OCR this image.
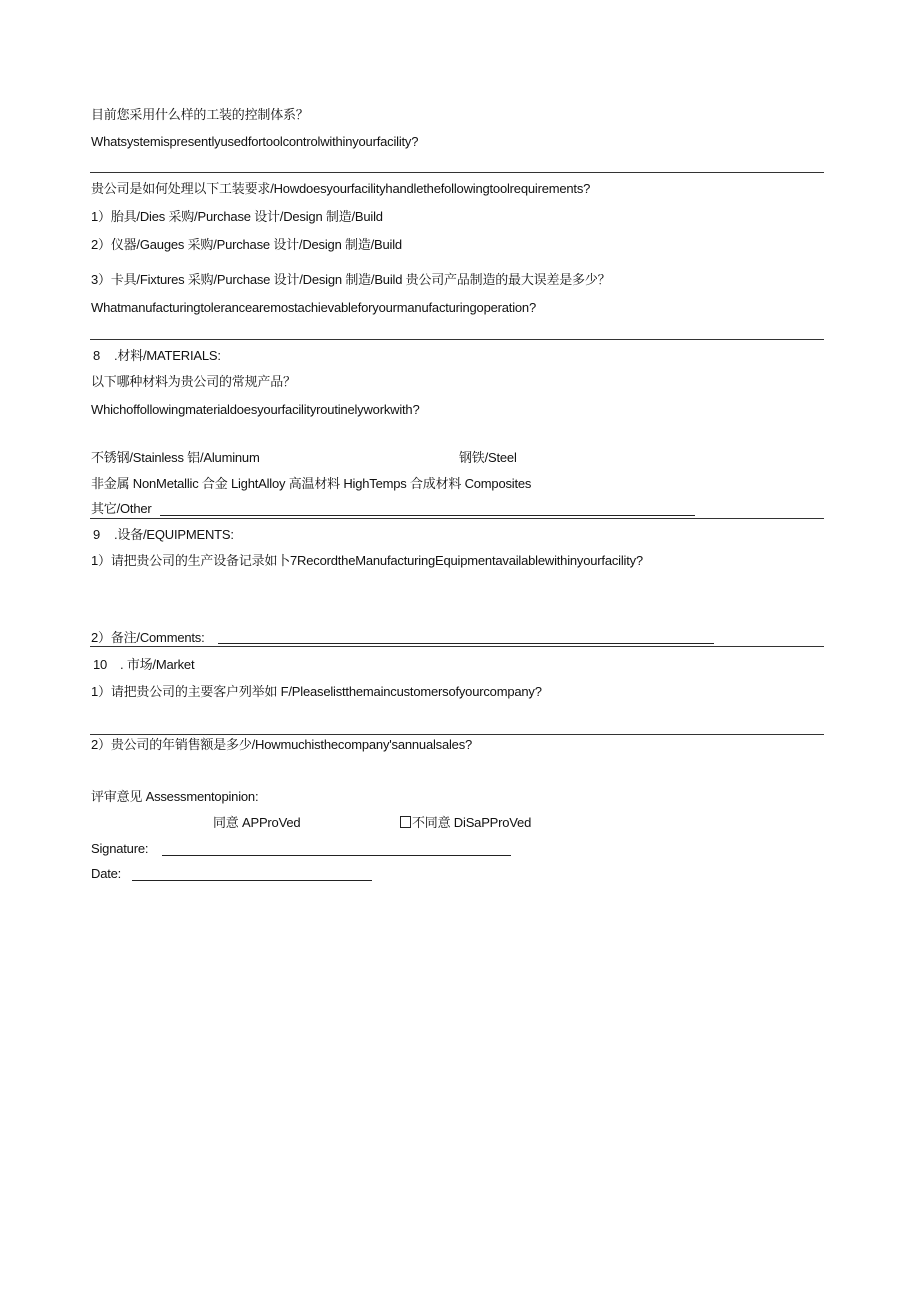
目前您采用什么样的工装的控制体系？
Whatsystemispresentlyusedfortoolcontrolwithinyourfacility?
贵公司是如何处理以下工装要求/Howdoesyourfacilityhandlethefollowingtoolrequirements?
1）胎具/Dies 采购/Purchase 设计/Design 制造/Build
2）仪器/Gauges 采购/Purchase 设计/Design 制造/Build
3）卡具/Fixtures 采购/Purchase 设计/Design 制造/Build 贵公司产品制造的最大误差是多少？
Whatmanufacturingtolerancearemostachievableforyourmanufacturingoperation?
8 .材料/MATERIALS:
以下哪种材料为贵公司的常规产品？
Whichoffollowingmaterialdoesyourfacilityroutinelyworkwith?
不锈钢/Stainless 铝/Aluminum	钢铁/Steel
非金属 NonMetallic 合金 LightAlloy 高温材料 HighTemps 合成材料 Composites
其它/Other
9 .设备/EQUIPMENTS:
1）请把贵公司的生产设备记录如卜7RecordtheManufacturingEquipmentavailablewithinyourfacility?
2）备注/Comments:
10 . 市场/Market
1）请把贵公司的主要客户列举如 F/Pleaselistthemaincustomersofyourcompany?
2）贵公司的年销售额是多少/Howmuchisthecompany'sannualsales?
评审意见 Assessmentopinion:
同意 APProVed	不同意 DiSaPProVed
Signature:
Date:
